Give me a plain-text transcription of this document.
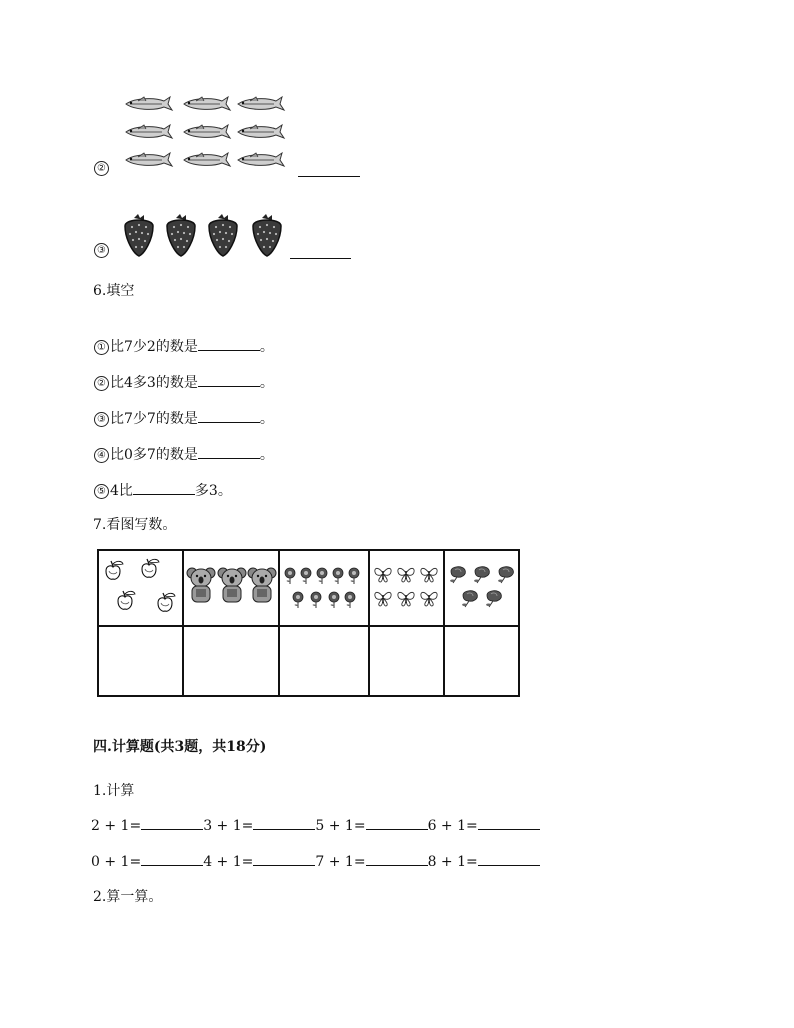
②
③
6.填空
① 比7少2的数是	。
② 比4多3的数是	。
③ 比7少7的数是	。
④ 比0多7的数是	。
⑤ 4比	多3。
7.看图写数。

四.计算题(共3题，共18分)
1.计算
2 + 1=	3 + 1=	5 + 1=	6 + 1=
0 + 1=	4 + 1=	7 + 1=	8 + 1=
2.算一算。
